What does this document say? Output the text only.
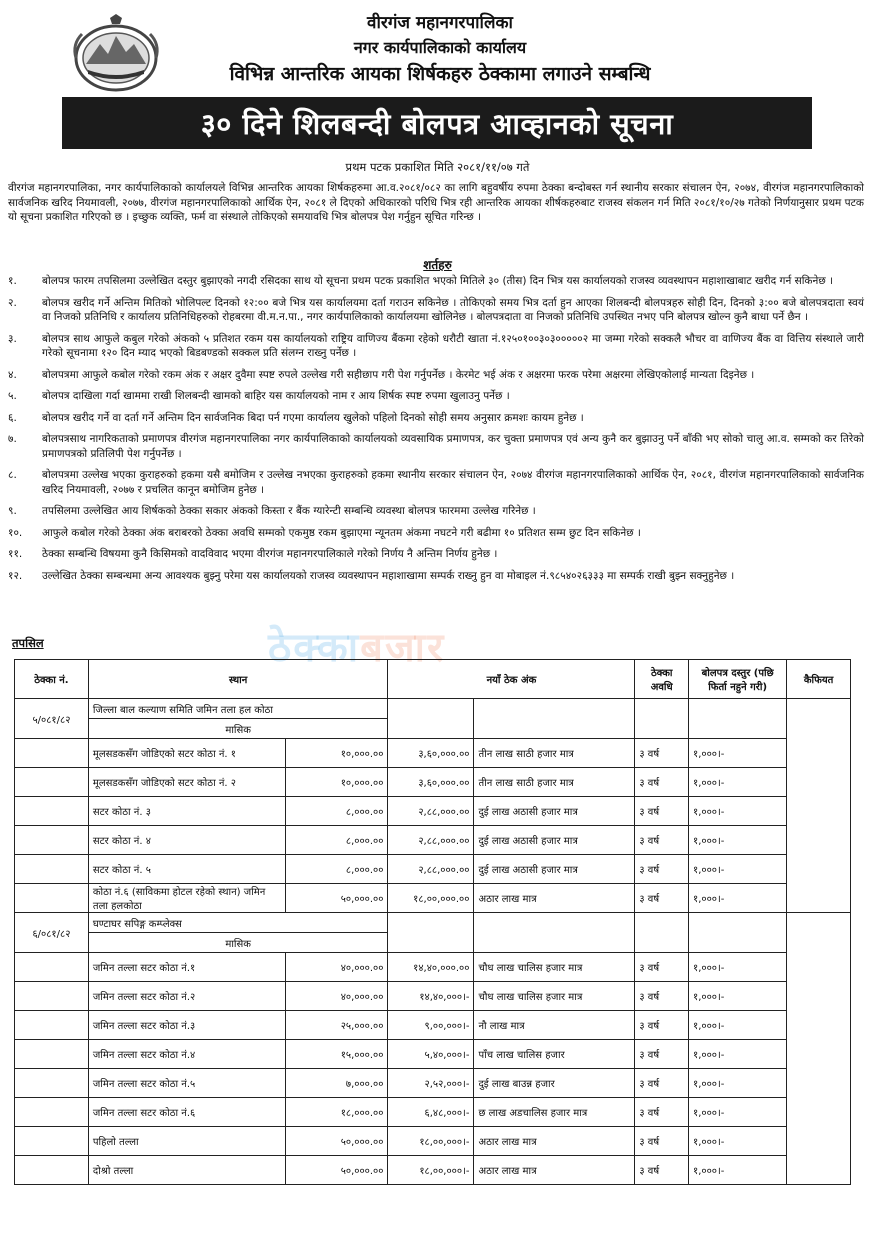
वीरगंज महानगरपालिका
नगर कार्यपालिकाको कार्यालय
विभिन्न आन्तरिक आयका शिर्षकहरु ठेक्कामा लगाउने सम्बन्धि
३० दिने शिलबन्दी बोलपत्र आव्हानको सूचना
प्रथम पटक प्रकाशित मिति २०८१/११/०७ गते
वीरगंज महानगरपालिका, नगर कार्यपालिकाको कार्यालयले विभिन्न आन्तरिक आयका शिर्षकहरुमा आ.व.२०८१/०८२ का लागि बहुवर्षीय रुपमा ठेक्का बन्दोबस्त गर्न स्थानीय सरकार संचालन ऐन, २०७४, वीरगंज महानगरपालिकाको सार्वजनिक खरिद नियमावली, २०७७, वीरगंज महानगरपालिकाको आर्थिक ऐन, २०८१ ले दिएको अधिकारको परिधि भित्र रही आन्तरिक आयका शीर्षकहरुबाट राजस्व संकलन गर्न मिति २०८१/१०/२७ गतेको निर्णयानुसार प्रथम पटक यो सूचना प्रकाशित गरिएको छ । इच्छुक व्यक्ति, फर्म वा संस्थाले तोकिएको समयावधि भित्र बोलपत्र पेश गर्नुहुन सूचित गरिन्छ ।
शर्तहरु
१.	बोलपत्र फारम तपसिलमा उल्लेखित दस्तुर बुझाएको नगदी रसिदका साथ यो सूचना प्रथम पटक प्रकाशित भएको मितिले ३० (तीस) दिन भित्र यस कार्यालयको राजस्व व्यवस्थापन महाशाखाबाट खरीद गर्न सकिनेछ ।
२.	बोलपत्र खरीद गर्ने अन्तिम मितिको भोलिपल्ट दिनको १२:०० बजे भित्र यस कार्यालयमा दर्ता गराउन सकिनेछ । तोकिएको समय भित्र दर्ता हुन आएका शिलबन्दी बोलपत्रहरु सोही दिन, दिनको ३:०० बजे बोलपत्रदाता स्वयं वा निजको प्रतिनिधि र कार्यालय प्रतिनिधिहरुको रोहबरमा वी.म.न.पा., नगर कार्यपालिकाको कार्यालयमा खोलिनेछ । बोलपत्रदाता वा निजको प्रतिनिधि उपस्थित नभए पनि बोलपत्र खोल्न कुनै बाधा पर्ने छैन ।
३.	बोलपत्र साथ आफुले कबुल गरेको अंकको ५ प्रतिशत रकम यस कार्यालयको राष्ट्रिय वाणिज्य बैंकमा रहेको धरौटी खाता नं.१२५०१००३०३०००००२ मा जम्मा गरेको सक्कलै भौचर वा वाणिज्य बैंक वा वित्तिय संस्थाले जारी गरेको सूचनामा १२० दिन म्याद भएको बिडबण्डको सक्कल प्रति संलग्न राख्नु पर्नेछ ।
४.	बोलपत्रमा आफुले कबोल गरेको रकम अंक र अक्षर दुवैमा स्पष्ट रुपले उल्लेख गरी सहीछाप गरी पेश गर्नुपर्नेछ । केरमेट भई अंक र अक्षरमा फरक परेमा अक्षरमा लेखिएकोलाई मान्यता दिइनेछ ।
५.	बोलपत्र दाखिला गर्दा खाममा राखी शिलबन्दी खामको बाहिर यस कार्यालयको नाम र आय शिर्षक स्पष्ट रुपमा खुलाउनु पर्नेछ ।
६.	बोलपत्र खरीद गर्ने वा दर्ता गर्ने अन्तिम दिन सार्वजनिक बिदा पर्न गएमा कार्यालय खुलेको पहिलो दिनको सोही समय अनुसार क्रमशः कायम हुनेछ ।
७.	बोलपत्रसाथ नागरिकताको प्रमाणपत्र वीरगंज महानगरपालिका नगर कार्यपालिकाको कार्यालयको व्यवसायिक प्रमाणपत्र, कर चुक्ता प्रमाणपत्र एवं अन्य कुनै कर बुझाउनु पर्ने बाँकी भए सोको चालु आ.व. सम्मको कर तिरेको प्रमाणपत्रको प्रतिलिपी पेश गर्नुपर्नेछ ।
८.	बोलपत्रमा उल्लेख भएका कुराहरुको हकमा यसै बमोजिम र उल्लेख नभएका कुराहरुको हकमा स्थानीय सरकार संचालन ऐन, २०७४ वीरगंज महानगरपालिकाको आर्थिक ऐन, २०८१, वीरगंज महानगरपालिकाको सार्वजनिक खरिद नियमावली, २०७७ र प्रचलित कानून बमोजिम हुनेछ ।
९.	तपसिलमा उल्लेखित आय शिर्षकको ठेक्का सकार अंकको किस्ता र बैंक ग्यारेन्टी सम्बन्धि व्यवस्था बोलपत्र फारममा उल्लेख गरिनेछ ।
१०.	आफुले कबोल गरेको ठेक्का अंक बराबरको ठेक्का अवधि सम्मको एकमुष्ठ रकम बुझाएमा न्यूनतम अंकमा नघटने गरी बढीमा १० प्रतिशत सम्म छुट दिन सकिनेछ ।
११.	ठेक्का सम्बन्धि विषयमा कुनै किसिमको वादविवाद भएमा वीरगंज महानगरपालिकाले गरेको निर्णय नै अन्तिम निर्णय हुनेछ ।
१२.	उल्लेखित ठेक्का सम्बन्धमा अन्य आवश्यक बुझ्नु परेमा यस कार्यालयको राजस्व व्यवस्थापन महाशाखामा सम्पर्क राख्नु हुन वा मोबाइल नं.९८५४०२६३३३ मा सम्पर्क राखी बुझ्न सक्नुहुनेछ ।
ठेक्काबजार
तपसिल
ठेक्का नं.	स्थान		नयाँ ठेक अंक		ठेक्का अवधि	बोलपत्र दस्तुर (पछि फिर्ता नहुने गरी)	कैफियत
५/०८१/८२	जिल्ला बाल कल्याण समिति जमिन तला हल कोठा						
	मासिक						
	मूलसडकसँग जोडिएको सटर कोठा नं. १	१०,०००.००	३,६०,०००.००	तीन लाख साठी हजार मात्र	३ वर्ष	१,०००।-	
	मूलसडकसँग जोडिएको सटर कोठा नं. २	१०,०००.००	३,६०,०००.००	तीन लाख साठी हजार मात्र	३ वर्ष	१,०००।-	
	सटर कोठा नं. ३	८,०००.००	२,८८,०००.००	दुई लाख अठासी हजार मात्र	३ वर्ष	१,०००।-	
	सटर कोठा नं. ४	८,०००.००	२,८८,०००.००	दुई लाख अठासी हजार मात्र	३ वर्ष	१,०००।-	
	सटर कोठा नं. ५	८,०००.००	२,८८,०००.००	दुई लाख अठासी हजार मात्र	३ वर्ष	१,०००।-	
	कोठा नं.६ (साविकमा होटल रहेको स्थान) जमिन तला हलकोठा	५०,०००.००	१८,००,०००.००	अठार लाख मात्र	३ वर्ष	१,०००।-	
६/०८१/८२	घण्टाघर सपिङ्ग कम्प्लेक्स						
	मासिक						
	जमिन तल्ला सटर कोठा नं.१	४०,०००.००	१४,४०,०००.००	चौध लाख चालिस हजार मात्र	३ वर्ष	१,०००।-	
	जमिन तल्ला सटर कोठा नं.२	४०,०००.००	१४,४०,०००।-	चौध लाख चालिस हजार मात्र	३ वर्ष	१,०००।-	
	जमिन तल्ला सटर कोठा नं.३	२५,०००.००	९,००,०००।-	नौ लाख मात्र	३ वर्ष	१,०००।-	
	जमिन तल्ला सटर कोठा नं.४	१५,०००.००	५,४०,०००।-	पाँच लाख चालिस हजार	३ वर्ष	१,०००।-	
	जमिन तल्ला सटर कोठा नं.५	७,०००.००	२,५२,०००।-	दुई लाख बाउन्न हजार	३ वर्ष	१,०००।-	
	जमिन तल्ला सटर कोठा नं.६	१८,०००.००	६,४८,०००।-	छ लाख अडचालिस हजार मात्र	३ वर्ष	१,०००।-	
	पहिलो तल्ला	५०,०००.००	१८,००,०००।-	अठार लाख मात्र	३ वर्ष	१,०००।-	
	दोश्रो तल्ला	५०,०००.००	१८,००,०००।-	अठार लाख मात्र	३ वर्ष	१,०००।-	
